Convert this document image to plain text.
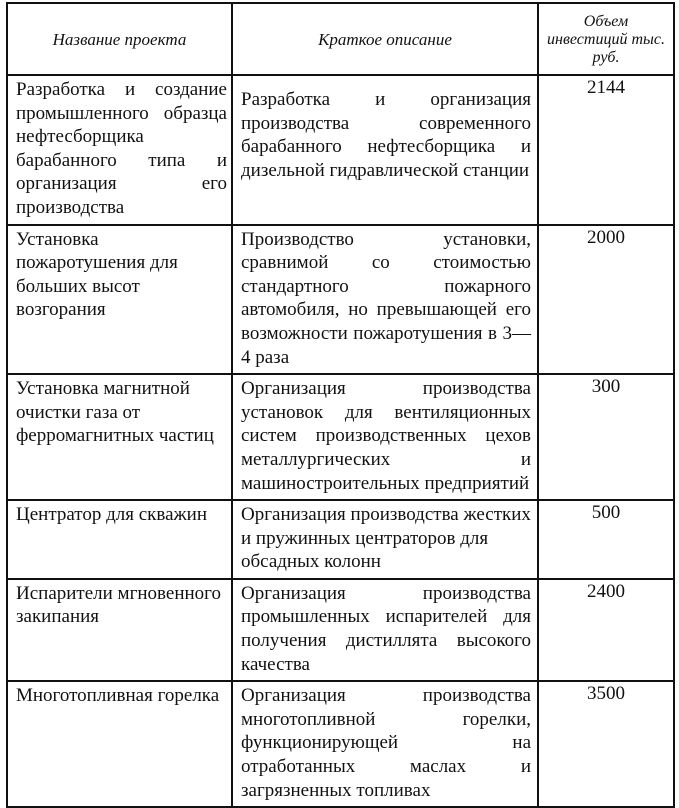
Название проекта	Краткое описание	Объем инвестиций тыс. руб.

Разработка и создание промышленного образца нефтесборщика барабанного типа и организация его производства	Разработка и организация производства современного барабанного нефтесборщика и дизельной гидравлической станции	2144

Установка пожаротушения для больших высот возгорания	Производство установки, сравнимой со стоимостью стандартного пожарного автомобиля, но превышающей его возможности пожаротушения в 3—4 раза	2000

Установка магнитной очистки газа от ферромагнитных частиц	Организация производства установок для вентиляционных систем производственных цехов металлургических и машиностроительных предприятий	300

Центратор для скважин	Организация производства жестких и пружинных центраторов для обсадных колонн	500

Испарители мгновенного закипания	Организация производства промышленных испарителей для получения дистиллята высокого качества	2400

Многотопливная горелка	Организация производства многотопливной горелки, функционирующей на отработанных маслах и загрязненных топливах	3500
